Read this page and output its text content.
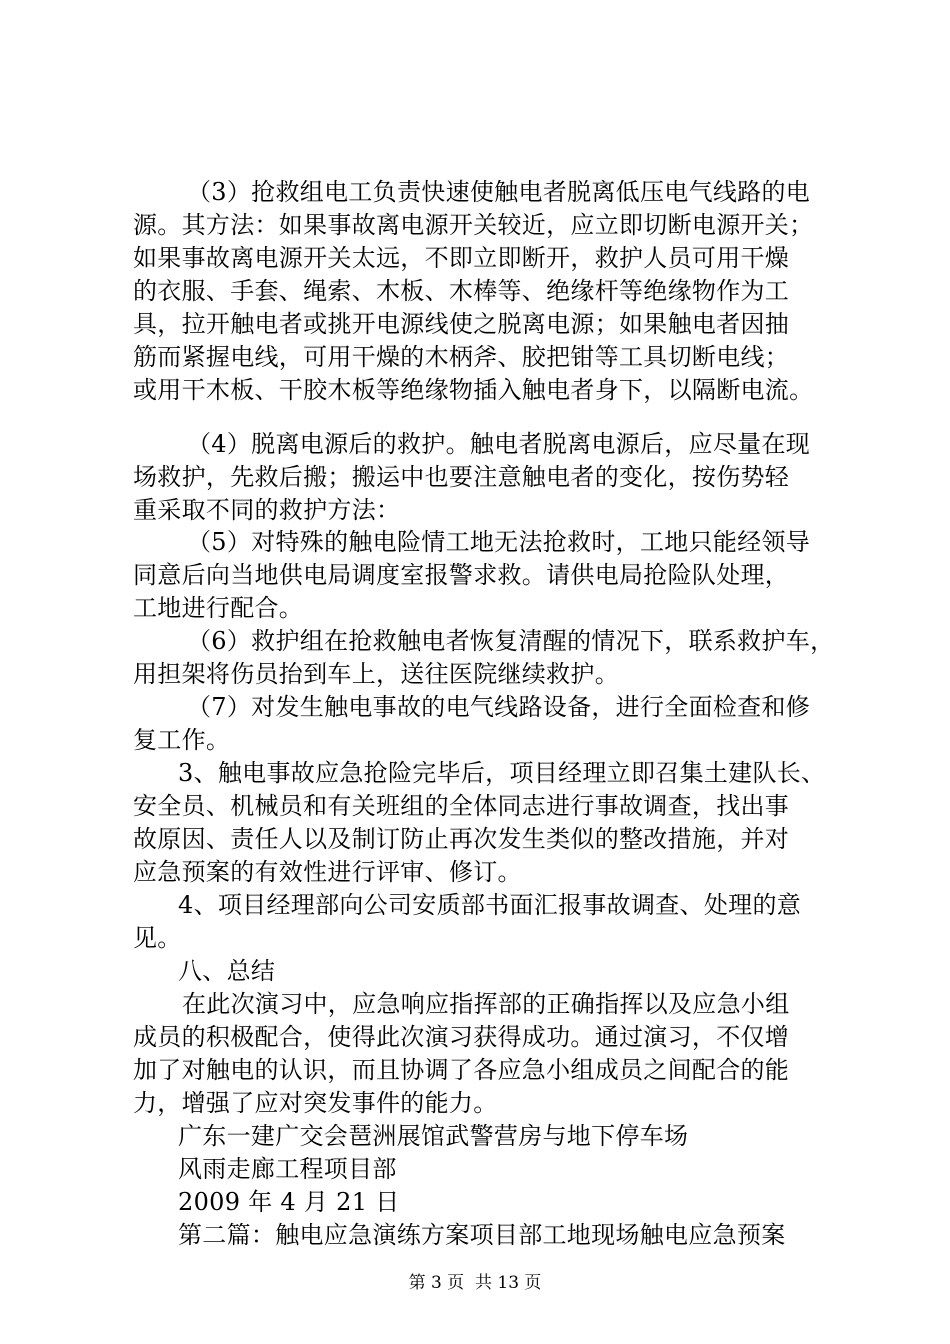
（3）抢救组电工负责快速使触电者脱离低压电气线路的电
源。其方法：如果事故离电源开关较近，应立即切断电源开关；
如果事故离电源开关太远，不即立即断开，救护人员可用干燥
的衣服、手套、绳索、木板、木棒等、绝缘杆等绝缘物作为工
具，拉开触电者或挑开电源线使之脱离电源；如果触电者因抽
筋而紧握电线，可用干燥的木柄斧、胶把钳等工具切断电线；
或用干木板、干胶木板等绝缘物插入触电者身下，以隔断电流。
（4）脱离电源后的救护。触电者脱离电源后，应尽量在现
场救护，先救后搬；搬运中也要注意触电者的变化，按伤势轻
重采取不同的救护方法：
（5）对特殊的触电险情工地无法抢救时，工地只能经领导
同意后向当地供电局调度室报警求救。请供电局抢险队处理，
工地进行配合。
（6）救护组在抢救触电者恢复清醒的情况下，联系救护车，
用担架将伤员抬到车上，送往医院继续救护。
（7）对发生触电事故的电气线路设备，进行全面检查和修
复工作。
3、触电事故应急抢险完毕后，项目经理立即召集土建队长、
安全员、机械员和有关班组的全体同志进行事故调查，找出事
故原因、责任人以及制订防止再次发生类似的整改措施，并对
应急预案的有效性进行评审、修订。
4、项目经理部向公司安质部书面汇报事故调查、处理的意
见。
八、总结
在此次演习中，应急响应指挥部的正确指挥以及应急小组
成员的积极配合，使得此次演习获得成功。通过演习，不仅增
加了对触电的认识，而且协调了各应急小组成员之间配合的能
力，增强了应对突发事件的能力。
广东一建广交会琶洲展馆武警营房与地下停车场
风雨走廊工程项目部
2009 年 4 月 21 日
第二篇：触电应急演练方案项目部工地现场触电应急预案
第 3 页  共 13 页
